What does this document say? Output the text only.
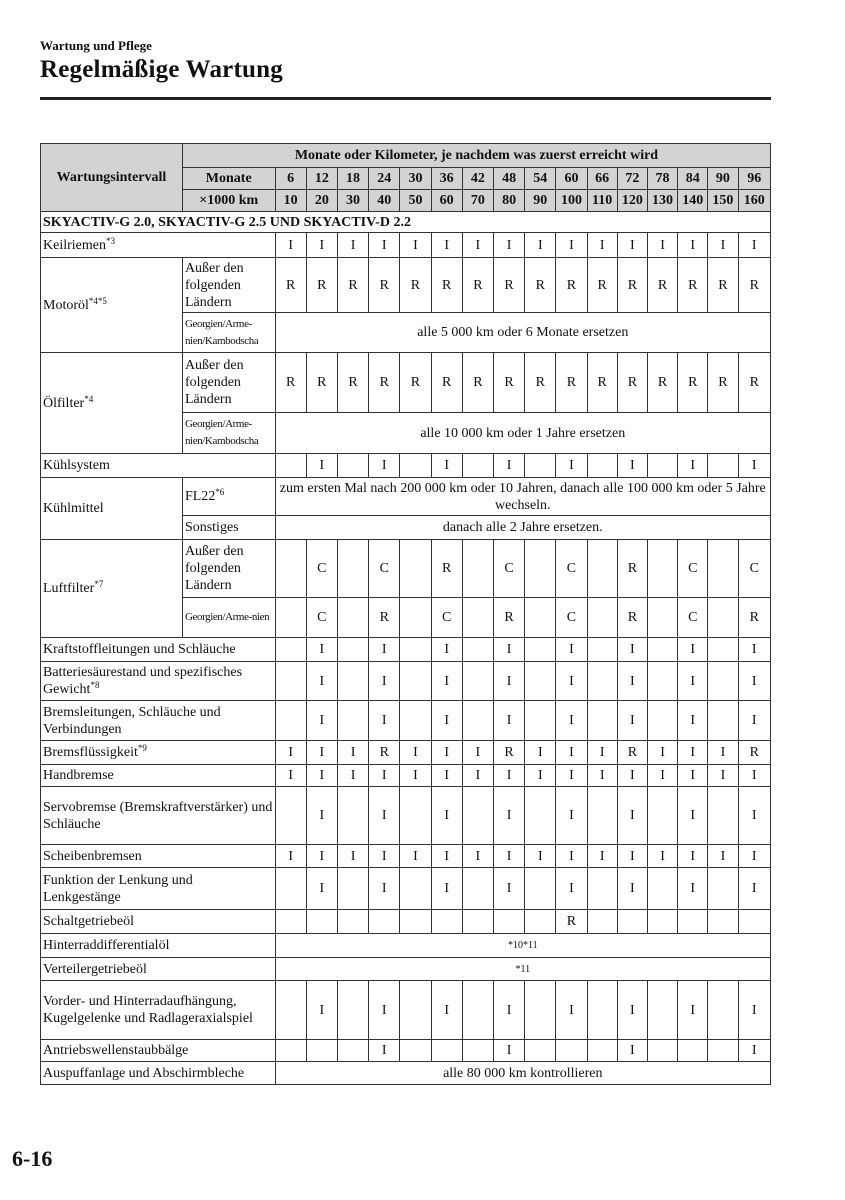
Wartung und Pflege
Regelmäßige Wartung
Wartungsintervall	Monate oder Kilometer, je nachdem was zuerst erreicht wird																
	Monate	6	12	18	24	30	36	42	48	54	60	66	72	78	84	90	96
	×1000 km	10	20	30	40	50	60	70	80	90	100	110	120	130	140	150	160
SKYACTIV-G 2.0, SKYACTIV-G 2.5 UND SKYACTIV-D 2.2																	
Keilriemen$^{*3}$		I	I	I	I	I	I	I	I	I	I	I	I	I	I	I	I
Motoröl$^{*4*5}$	Außer den folgenden Ländern	R	R	R	R	R	R	R	R	R	R	R	R	R	R	R	R
	Georgien/Arme-nien/Kambodscha	alle 5 000 km oder 6 Monate ersetzen															
Ölfilter$^{*4}$	Außer den folgenden Ländern	R	R	R	R	R	R	R	R	R	R	R	R	R	R	R	R
	Georgien/Arme-nien/Kambodscha	alle 10 000 km oder 1 Jahre ersetzen															
Kühlsystem			I		I		I		I		I		I		I		I
Kühlmittel	FL22$^{*6}$	zum ersten Mal nach 200 000 km oder 10 Jahren, danach alle 100 000 km oder 5 Jahre wechseln.															
	Sonstiges	danach alle 2 Jahre ersetzen.															
Luftfilter$^{*7}$	Außer den folgenden Ländern		C		C		R		C		C		R		C		C
	Georgien/Arme-nien		C		R		C		R		C		R		C		R
Kraftstoffleitungen und Schläuche			I		I		I		I		I		I		I		I
Batteriesäurestand und spezifisches Gewicht$^{*8}$			I		I		I		I		I		I		I		I
Bremsleitungen, Schläuche und Verbindungen			I		I		I		I		I		I		I		I
Bremsflüssigkeit$^{*9}$		I	I	I	R	I	I	I	R	I	I	I	R	I	I	I	R
Handbremse		I	I	I	I	I	I	I	I	I	I	I	I	I	I	I	I
Servobremse (Bremskraftverstärker) und Schläuche			I		I		I		I		I		I		I		I
Scheibenbremsen		I	I	I	I	I	I	I	I	I	I	I	I	I	I	I	I
Funktion der Lenkung und Lenkgestänge			I		I		I		I		I		I		I		I
Schaltgetriebeöl											R						
Hinterraddifferentialöl		*10*11															
Verteilergetriebeöl		*11															
Vorder- und Hinterradaufhängung, Kugelgelenke und Radlageraxialspiel			I		I		I		I		I		I		I		I
Antriebswellenstaubbälge					I				I				I				I
Auspuffanlage und Abschirmbleche		alle 80 000 km kontrollieren															
6-16
